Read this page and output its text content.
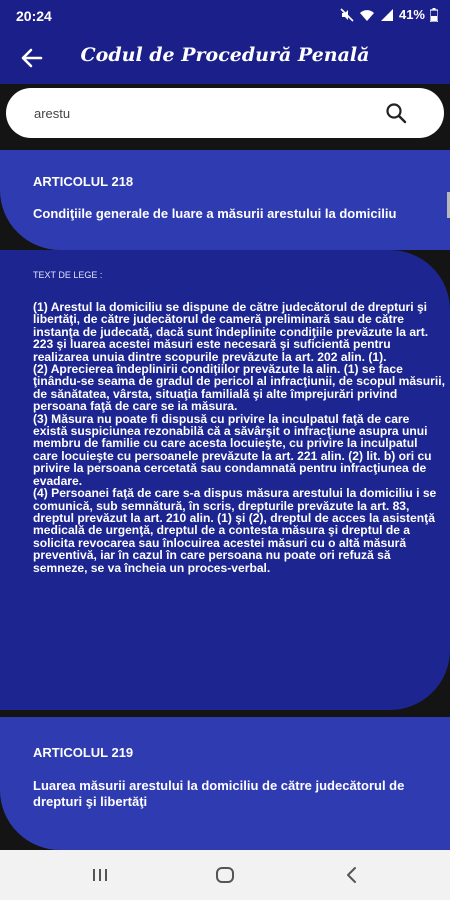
20:24	41%
Codul de Procedură Penală
arestu
ARTICOLUL 218
Condiţiile generale de luare a măsurii arestului la domiciliu
TEXT DE LEGE :
(1) Arestul la domiciliu se dispune de către judecătorul de drepturi şi libertăţi, de către judecătorul de cameră preliminară sau de către instanţa de judecată, dacă sunt îndeplinite condiţiile prevăzute la art. 223 şi luarea acestei măsuri este necesară şi suficientă pentru realizarea unuia dintre scopurile prevăzute la art. 202 alin. (1).
(2) Aprecierea îndeplinirii condiţiilor prevăzute la alin. (1) se face ţinându-se seama de gradul de pericol al infracţiunii, de scopul măsurii, de sănătatea, vârsta, situaţia familială şi alte împrejurări privind persoana faţă de care se ia măsura.
(3) Măsura nu poate fi dispusă cu privire la inculpatul faţă de care există suspiciunea rezonabilă că a săvârşit o infracţiune asupra unui membru de familie cu care acesta locuieşte, cu privire la inculpatul care locuieşte cu persoanele prevăzute la art. 221 alin. (2) lit. b) ori cu privire la persoana cercetată sau condamnată pentru infracţiunea de evadare.
(4) Persoanei faţă de care s-a dispus măsura arestului la domiciliu i se comunică, sub semnătură, în scris, drepturile prevăzute la art. 83, dreptul prevăzut la art. 210 alin. (1) şi (2), dreptul de acces la asistenţă medicală de urgenţă, dreptul de a contesta măsura şi dreptul de a solicita revocarea sau înlocuirea acestei măsuri cu o altă măsură preventivă, iar în cazul în care persoana nu poate ori refuză să semneze, se va încheia un proces-verbal.
ARTICOLUL 219
Luarea măsurii arestului la domiciliu de către judecătorul de drepturi şi libertăţi
